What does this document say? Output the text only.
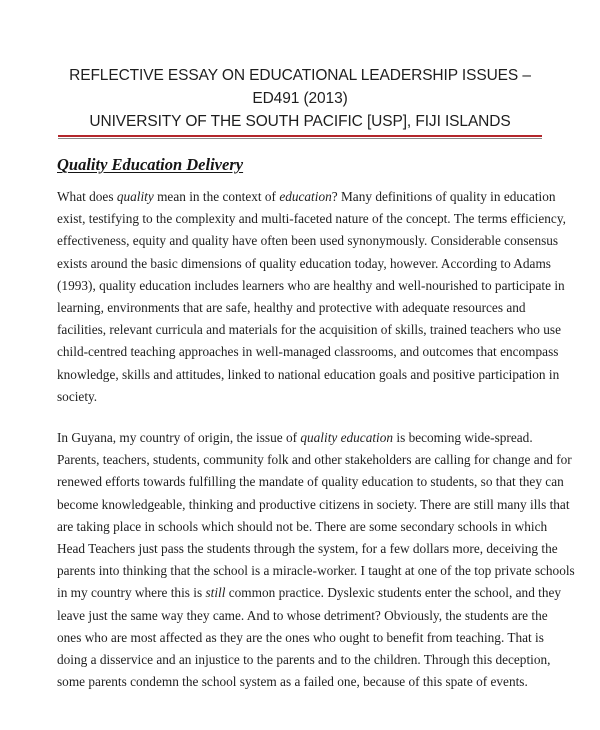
REFLECTIVE ESSAY ON EDUCATIONAL LEADERSHIP ISSUES –
ED491 (2013)
UNIVERSITY OF THE SOUTH PACIFIC [USP], FIJI ISLANDS
Quality Education Delivery
What does quality mean in the context of education? Many definitions of quality in education
exist, testifying to the complexity and multi-faceted nature of the concept. The terms efficiency,
effectiveness, equity and quality have often been used synonymously. Considerable consensus
exists around the basic dimensions of quality education today, however. According to Adams
(1993), quality education includes learners who are healthy and well-nourished to participate in
learning, environments that are safe, healthy and protective with adequate resources and
facilities, relevant curricula and materials for the acquisition of skills, trained teachers who use
child-centred teaching approaches in well-managed classrooms, and outcomes that encompass
knowledge, skills and attitudes, linked to national education goals and positive participation in
society.
In Guyana, my country of origin, the issue of quality education is becoming wide-spread.
Parents, teachers, students, community folk and other stakeholders are calling for change and for
renewed efforts towards fulfilling the mandate of quality education to students, so that they can
become knowledgeable, thinking and productive citizens in society. There are still many ills that
are taking place in schools which should not be. There are some secondary schools in which
Head Teachers just pass the students through the system, for a few dollars more, deceiving the
parents into thinking that the school is a miracle-worker. I taught at one of the top private schools
in my country where this is still common practice. Dyslexic students enter the school, and they
leave just the same way they came. And to whose detriment? Obviously, the students are the
ones who are most affected as they are the ones who ought to benefit from teaching. That is
doing a disservice and an injustice to the parents and to the children. Through this deception,
some parents condemn the school system as a failed one, because of this spate of events.
